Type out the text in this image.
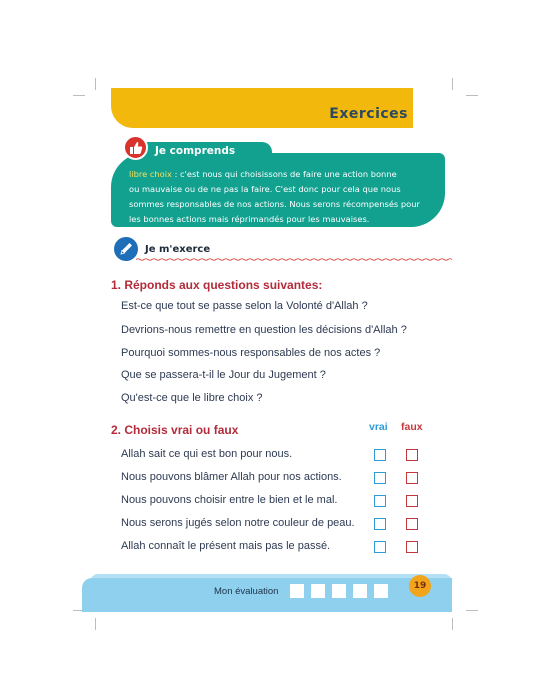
Exercices
Je comprends
libre choix : c'est nous qui choisissons de faire une action bonne
ou mauvaise ou de ne pas la faire. C'est donc pour cela que nous
sommes responsables de nos actions. Nous serons récompensés pour
les bonnes actions mais réprimandés pour les mauvaises.
Je m'exerce
1. Réponds aux questions suivantes:
Est-ce que tout se passe selon la Volonté d'Allah ?
Devrions-nous remettre en question les décisions d'Allah ?
Pourquoi sommes-nous responsables de nos actes ?
Que se passera-t-il le Jour du Jugement ?
Qu'est-ce que le libre choix ?
2. Choisis vrai ou faux	vrai faux
Allah sait ce qui est bon pour nous.
Nous pouvons blâmer Allah pour nos actions.
Nous pouvons choisir entre le bien et le mal.
Nous serons jugés selon notre couleur de peau.
Allah connaît le présent mais pas le passé.
Mon évaluation	19
